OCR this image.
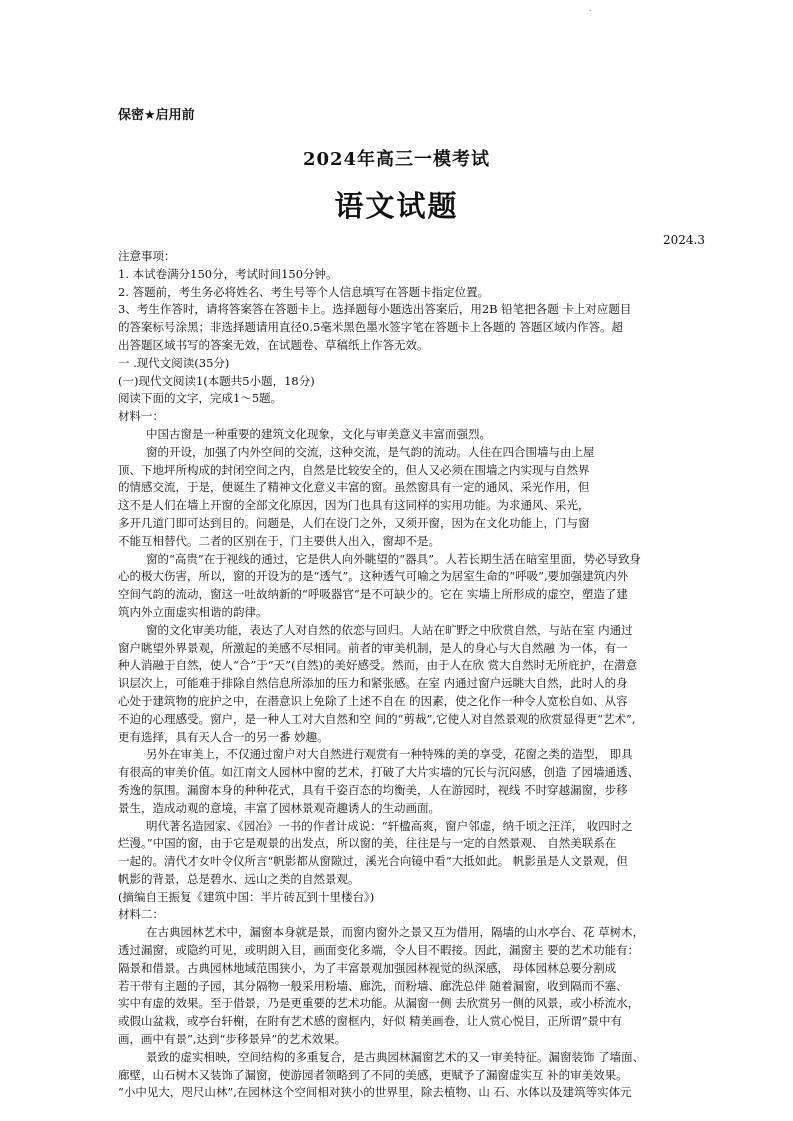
.
保密★启用前
2024年高三一模考试
语文试题
2024.3

注意事项：

1. 本试卷满分150分，考试时间150分钟。

2. 答题前，考生务必将姓名、考生号等个人信息填写在答题卡指定位置。

3、考生作答时，请将答案答在答题卡上。选择题每小题选出答案后，用2B 铅笔把各题 卡上对应题目

的答案标号涂黑；非选择题请用直径0.5毫米黑色墨水签字笔在答题卡上各题的 答题区域内作答。超

出答题区域书写的答案无效，在试题卷、草稿纸上作答无效。

一 .现代文阅读(35分)

(一)现代文阅读1(本题共5小题，18分)

阅读下面的文字，完成1～5题。

材料一：

中国古窗是一种重要的建筑文化现象，文化与审美意义丰富而强烈。

窗的开设，加强了内外空间的交流，这种交流，是气韵的流动。人住在四合围墙与由上屋

顶、下地坪所构成的封闭空间之内，自然是比较安全的，但人又必须在围墙之内实现与自然界

的情感交流，于是，便诞生了精神文化意义丰富的窗。虽然窗具有一定的通风、采光作用，但

这不是人们在墙上开窗的全部文化原因，因为门也具有这同样的实用功能。为求通风、采光，

多开几道门即可达到目的。问题是，人们在设门之外，又须开窗，因为在文化功能上，门与窗

不能互相替代。二者的区别在于，门主要供人出入，窗却不是。

窗的“高贵”在于视线的通过，它是供人向外眺望的“器具”。人若长期生活在暗室里面，势必导致身

心的极大伤害，所以，窗的开设为的是“透气”。这种透气可喻之为居室生命的“呼吸”,要加强建筑内外

空间气韵的流动，窗这一吐故纳新的“呼吸器官”是不可缺少的。它在 实墙上所形成的虚空，塑造了建

筑内外立面虚实相谐的韵律。

窗的文化审美功能，表达了人对自然的依恋与回归。人站在旷野之中欣赏自然，与站在室 内通过

窗户眺望外界景观，所激起的美感不尽相同。前者的审美机制，是人的身心与大自然融 为一体，有一

种人消融于自然，使人“合”于“天”(自然)的美好感受。然而，由于人在欣 赏大自然时无所庇护，在潜意

识层次上，可能难于排除自然信息所添加的压力和紧张感。在室 内通过窗户远眺大自然，此时人的身

心处于建筑物的庇护之中，在潜意识上免除了上述不自在 的因素，使之化作一种令人宽松自如、从容

不迫的心理感受。窗户，是一种人工对大自然和空 间的“剪裁”,它使人对自然景观的欣赏显得更“艺术”,

更有选择，具有天人合一的另一番 妙趣。

另外在审美上，不仅通过窗户对大自然进行观赏有一种特殊的美的享受，花窗之类的造型， 即具

有很高的审美价值。如江南文人园林中窗的艺术，打破了大片实墙的冗长与沉闷感，创造 了园墙通透、

秀逸的氛围。漏窗本身的种种花式，具有千姿百态的均衡美，人在游园时，视线 不时穿越漏窗，步移

景生，造成动观的意境，丰富了园林景观奇趣诱人的生动画面。

明代著名造园家、《园冶》一书的作者计成说：“轩楹高爽，窗户邻虚，纳千顷之汪洋， 收四时之

烂漫。”中国的窗，由于它是观景的出发点，所以窗的美，往往是与一定的自然景观、 自然美联系在

一起的。清代才女叶令仪所言“帆影都从窗隙过，溪光合向镜中看”大抵如此。 帆影虽是人文景观，但

帆影的背景，总是碧水、远山之类的自然景观。

(摘编自王振复《建筑中国：半片砖瓦到十里楼台》)

材料二：

在古典园林艺术中，漏窗本身就是景，而窗内窗外之景又互为借用，隔墙的山水亭台、花 草树木，

透过漏窗，或隐约可见，或明朗入目，画面变化多端，令人目不暇接。因此，漏窗主 要的艺术功能有：

隔景和借景。古典园林地域范围狭小，为了丰富景观加强园林视觉的纵深感， 母体园林总要分割成

若干带有主题的子园，其分隔物一般采用粉墙、廊洗，而粉墙、廊洗总伴 随着漏窗，收到隔而不塞、

实中有虚的效果。至于借景，乃是更重要的艺术功能。从漏窗一侧 去欣赏另一侧的风景，或小桥流水，

或假山盆栽，或亭台轩榭，在附有艺术感的窗框内，好似 精美画卷，让人赏心悦目，正所谓“景中有

画，画中有景”,达到“步移景异”的艺术效果。

景致的虚实相映，空间结构的多重复合，是古典园林漏窗艺术的又一审美特征。漏窗装饰 了墙面、

廊壁，山石树木又装饰了漏窗，使游园者领略到了不同的美感，更赋予了漏窗虚实互 补的审美效果。

“小中见大，咫尺山林”,在园林这个空间相对狭小的世界里，除去植物、山 石、水体以及建筑等实体元
